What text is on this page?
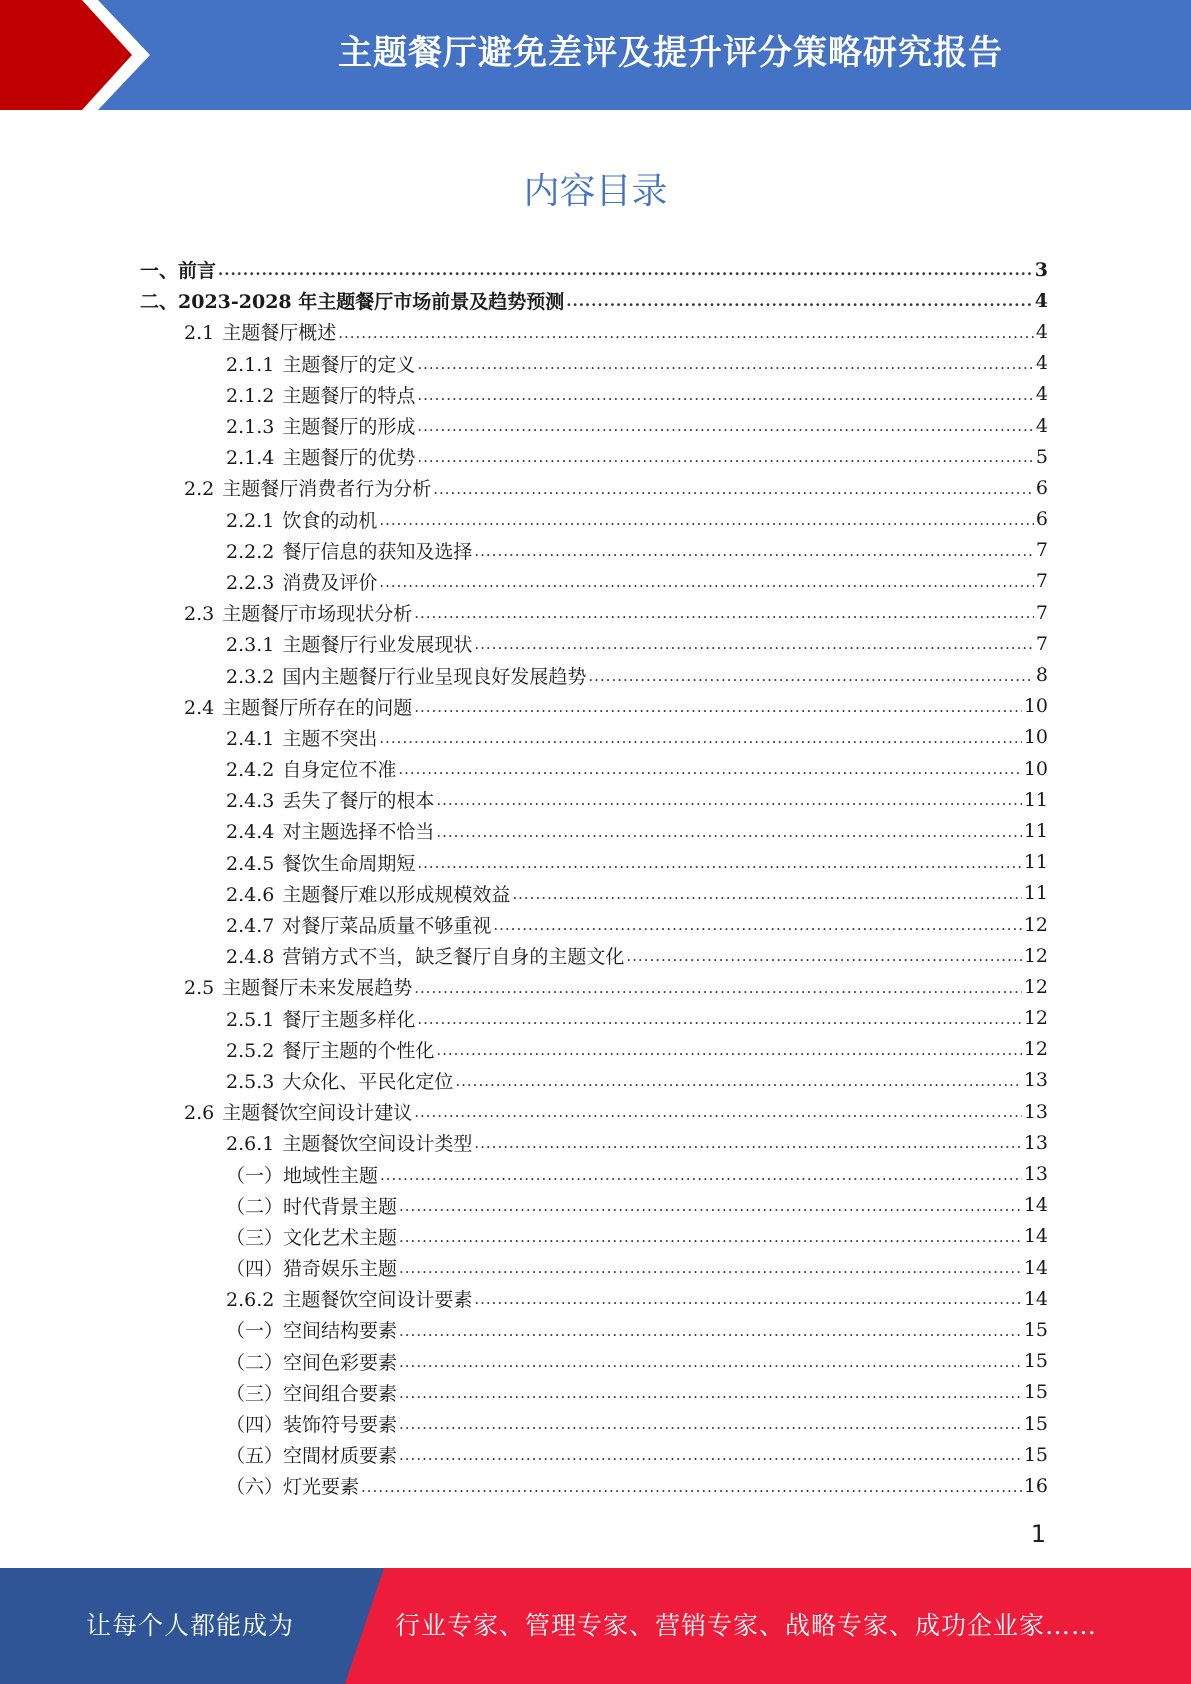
主题餐厅避免差评及提升评分策略研究报告
内容目录
一、前言 .....	3
二、2023-2028 年主题餐厅市场前景及趋势预测 .....	4
2.1 主题餐厅概述 .....	4
2.1.1 主题餐厅的定义 .....	4
2.1.2 主题餐厅的特点 .....	4
2.1.3 主题餐厅的形成 .....	4
2.1.4 主题餐厅的优势 .....	5
2.2 主题餐厅消费者行为分析 .....	6
2.2.1 饮食的动机 .....	6
2.2.2 餐厅信息的获知及选择 .....	7
2.2.3 消费及评价 .....	7
2.3 主题餐厅市场现状分析 .....	7
2.3.1 主题餐厅行业发展现状 .....	7
2.3.2 国内主题餐厅行业呈现良好发展趋势 .....	8
2.4 主题餐厅所存在的问题 .....	10
2.4.1 主题不突出 .....	10
2.4.2 自身定位不准 .....	10
2.4.3 丢失了餐厅的根本 .....	11
2.4.4 对主题选择不恰当 .....	11
2.4.5 餐饮生命周期短 .....	11
2.4.6 主题餐厅难以形成规模效益 .....	11
2.4.7 对餐厅菜品质量不够重视 .....	12
2.4.8 营销方式不当，缺乏餐厅自身的主题文化 .....	12
2.5 主题餐厅未来发展趋势 .....	12
2.5.1 餐厅主题多样化 .....	12
2.5.2 餐厅主题的个性化 .....	12
2.5.3 大众化、平民化定位 .....	13
2.6 主题餐饮空间设计建议 .....	13
2.6.1 主题餐饮空间设计类型 .....	13
（一）地域性主题 .....	13
（二）时代背景主题 .....	14
（三）文化艺术主题 .....	14
（四）猎奇娱乐主题 .....	14
2.6.2 主题餐饮空间设计要素 .....	14
（一）空间结构要素 .....	15
（二）空间色彩要素 .....	15
（三）空间组合要素 .....	15
（四）装饰符号要素 .....	15
（五）空間材质要素 .....	15
（六）灯光要素 .....	16
1
让每个人都能成为	行业专家、管理专家、营销专家、战略专家、成功企业家……
